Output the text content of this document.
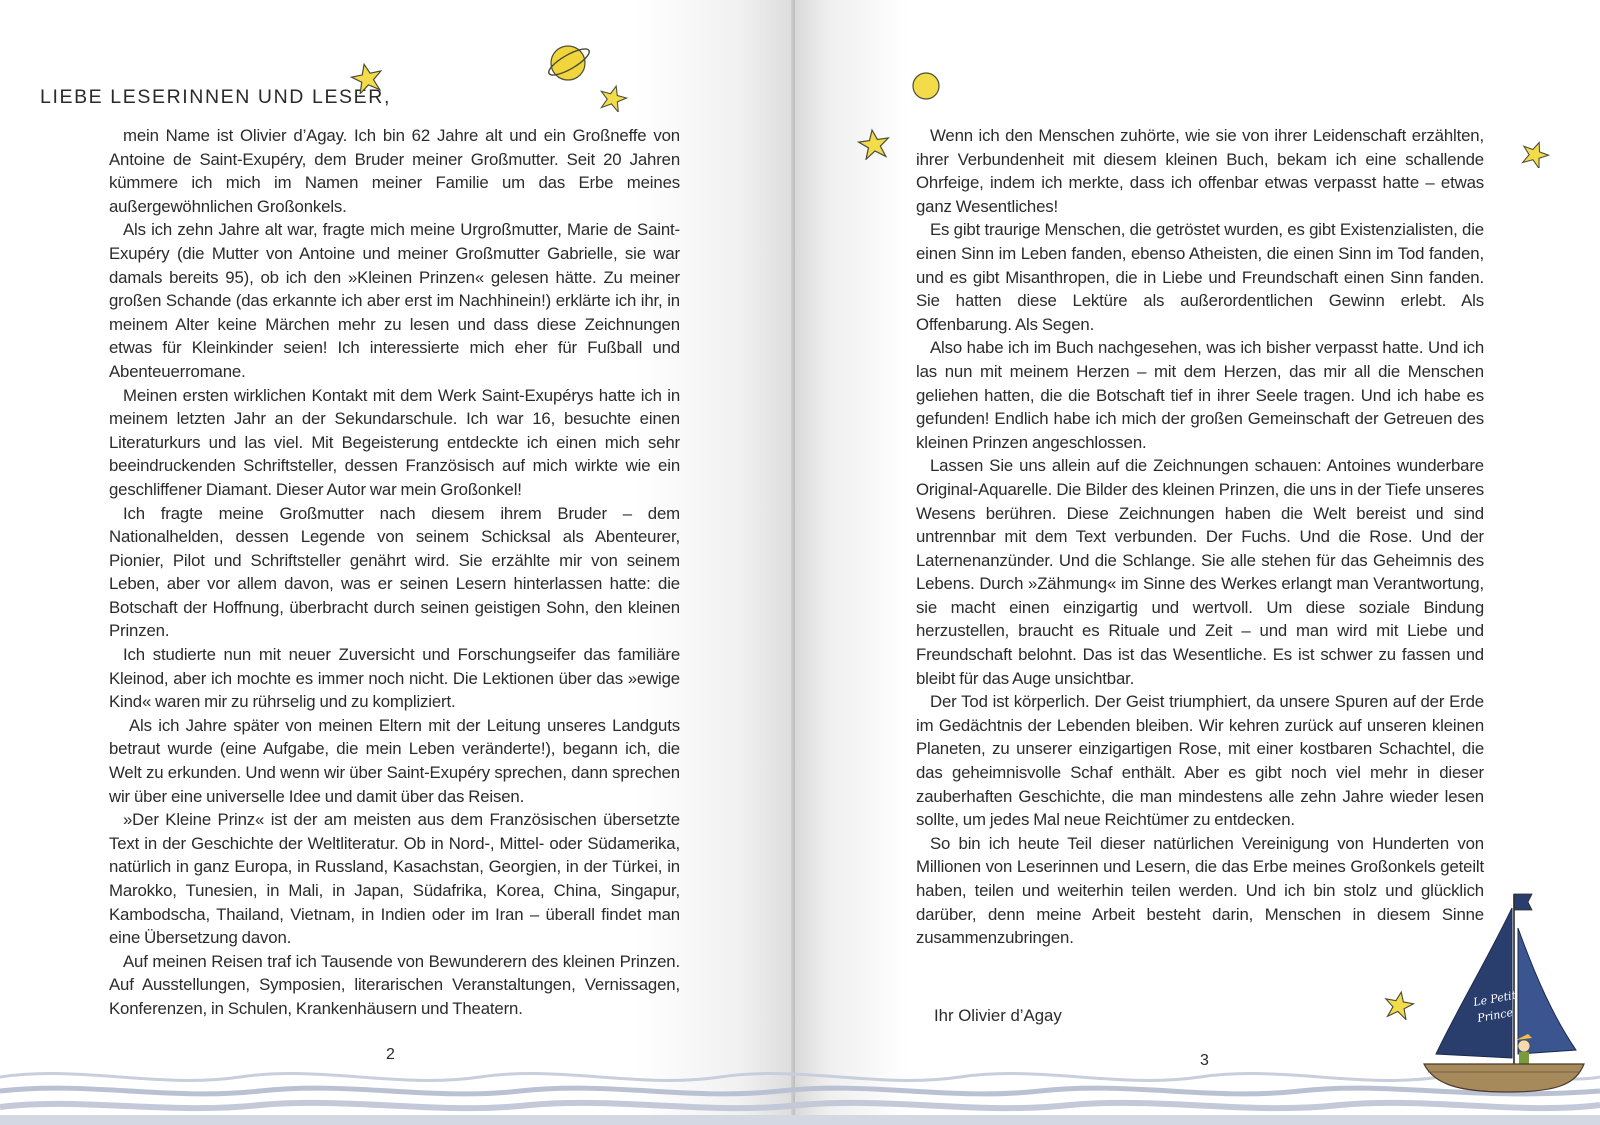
LIEBE LESERINNEN UND LESER,

mein Name ist Olivier d’Agay. Ich bin 62 Jahre alt und ein Großneffe von Antoine de Saint-Exupéry, dem Bruder meiner Großmutter. Seit 20 Jahren kümmere ich mich im Namen meiner Familie um das Erbe meines außergewöhnlichen Großonkels.

Als ich zehn Jahre alt war, fragte mich meine Urgroßmutter, Marie de Saint-Exupéry (die Mutter von Antoine und meiner Großmutter Gabrielle, sie war damals bereits 95), ob ich den »Kleinen Prinzen« gelesen hätte. Zu meiner großen Schande (das erkannte ich aber erst im Nachhinein!) erklärte ich ihr, in meinem Alter keine Märchen mehr zu lesen und dass diese Zeichnungen etwas für Kleinkinder seien! Ich interessierte mich eher für Fußball und Abenteuerromane.

Meinen ersten wirklichen Kontakt mit dem Werk Saint-Exupérys hatte ich in meinem letzten Jahr an der Sekundarschule. Ich war 16, besuchte einen Literaturkurs und las viel. Mit Begeisterung entdeckte ich einen mich sehr beeindruckenden Schriftsteller, dessen Französisch auf mich wirkte wie ein geschliffener Diamant. Dieser Autor war mein Großonkel!

Ich fragte meine Großmutter nach diesem ihrem Bruder – dem Nationalhelden, dessen Legende von seinem Schicksal als Abenteurer, Pionier, Pilot und Schriftsteller genährt wird. Sie erzählte mir von seinem Leben, aber vor allem davon, was er seinen Lesern hinterlassen hatte: die Botschaft der Hoffnung, überbracht durch seinen geistigen Sohn, den kleinen Prinzen.

Ich studierte nun mit neuer Zuversicht und Forschungseifer das familiäre Kleinod, aber ich mochte es immer noch nicht. Die Lektionen über das »ewige Kind« waren mir zu rührselig und zu kompliziert.

Als ich Jahre später von meinen Eltern mit der Leitung unseres Landguts betraut wurde (eine Aufgabe, die mein Leben veränderte!), begann ich, die Welt zu erkunden. Und wenn wir über Saint-Exupéry sprechen, dann sprechen wir über eine universelle Idee und damit über das Reisen.

»Der Kleine Prinz« ist der am meisten aus dem Französischen übersetzte Text in der Geschichte der Weltliteratur. Ob in Nord-, Mittel- oder Südamerika, natürlich in ganz Europa, in Russland, Kasachstan, Georgien, in der Türkei, in Marokko, Tunesien, in Mali, in Japan, Südafrika, Korea, China, Singapur, Kambodscha, Thailand, Vietnam, in Indien oder im Iran – überall findet man eine Übersetzung davon.

Auf meinen Reisen traf ich Tausende von Bewunderern des kleinen Prinzen. Auf Ausstellungen, Symposien, literarischen Veranstaltungen, Vernissagen, Konferenzen, in Schulen, Krankenhäusern und Theatern.

2

Wenn ich den Menschen zuhörte, wie sie von ihrer Leidenschaft erzählten, ihrer Verbundenheit mit diesem kleinen Buch, bekam ich eine schallende Ohrfeige, indem ich merkte, dass ich offenbar etwas verpasst hatte – etwas ganz Wesentliches!

Es gibt traurige Menschen, die getröstet wurden, es gibt Existenzialisten, die einen Sinn im Leben fanden, ebenso Atheisten, die einen Sinn im Tod fanden, und es gibt Misanthropen, die in Liebe und Freundschaft einen Sinn fanden. Sie hatten diese Lektüre als außerordentlichen Gewinn erlebt. Als Offenbarung. Als Segen.

Also habe ich im Buch nachgesehen, was ich bisher verpasst hatte. Und ich las nun mit meinem Herzen – mit dem Herzen, das mir all die Menschen geliehen hatten, die die Botschaft tief in ihrer Seele tragen. Und ich habe es gefunden! Endlich habe ich mich der großen Gemeinschaft der Getreuen des kleinen Prinzen angeschlossen.

Lassen Sie uns allein auf die Zeichnungen schauen: Antoines wunderbare Original-Aquarelle. Die Bilder des kleinen Prinzen, die uns in der Tiefe unseres Wesens berühren. Diese Zeichnungen haben die Welt bereist und sind untrennbar mit dem Text verbunden. Der Fuchs. Und die Rose. Und der Laternenanzünder. Und die Schlange. Sie alle stehen für das Geheimnis des Lebens. Durch »Zähmung« im Sinne des Werkes erlangt man Verantwortung, sie macht einen einzigartig und wertvoll. Um diese soziale Bindung herzustellen, braucht es Rituale und Zeit – und man wird mit Liebe und Freundschaft belohnt. Das ist das Wesentliche. Es ist schwer zu fassen und bleibt für das Auge unsichtbar.

Der Tod ist körperlich. Der Geist triumphiert, da unsere Spuren auf der Erde im Gedächtnis der Lebenden bleiben. Wir kehren zurück auf unseren kleinen Planeten, zu unserer einzigartigen Rose, mit einer kostbaren Schachtel, die das geheimnisvolle Schaf enthält. Aber es gibt noch viel mehr in dieser zauberhaften Geschichte, die man mindestens alle zehn Jahre wieder lesen sollte, um jedes Mal neue Reichtümer zu entdecken.

So bin ich heute Teil dieser natürlichen Vereinigung von Hunderten von Millionen von Leserinnen und Lesern, die das Erbe meines Großonkels geteilt haben, teilen und weiterhin teilen werden. Und ich bin stolz und glücklich darüber, denn meine Arbeit besteht darin, Menschen in diesem Sinne zusammenzubringen.

Ihr Olivier d’Agay

3
Le Petit
Prince
